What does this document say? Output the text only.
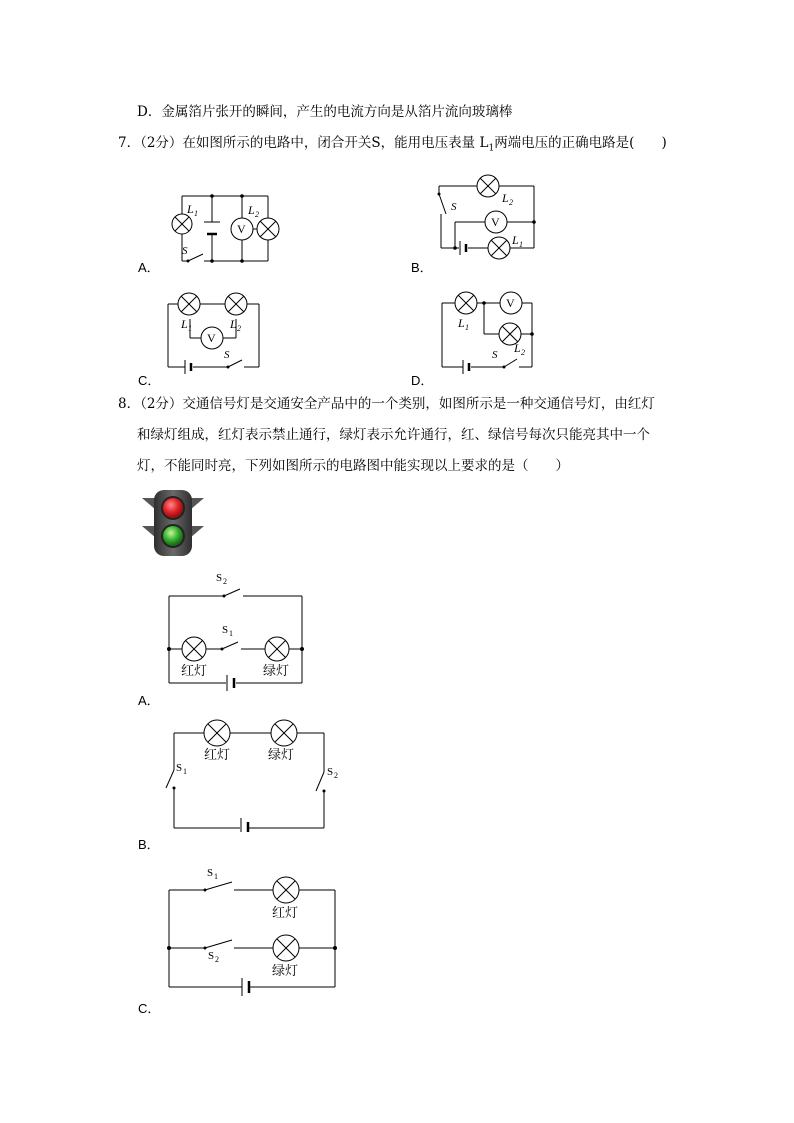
D．金属箔片张开的瞬间，产生的电流方向是从箔片流向玻璃棒
7．（2分）在如图所示的电路中，闭合开关S，能用电压表量 $L_1$两端电压的正确电路是(　　)
A．	B．
C．	D．
L 1	L 2
V
S
S
L 2
V
L 1
L 1	L 2
V
S
L 1
V
L 2
S
8．（2分）交通信号灯是交通安全产品中的一个类别，如图所示是一种交通信号灯，由红灯
和绿灯组成，红灯表示禁止通行，绿灯表示允许通行，红、绿信号每次只能亮其中一个
灯，不能同时亮，下列如图所示的电路图中能实现以上要求的是（　　）
A．
B．
C．
S 2
S 1
红灯	绿灯
S 1	S 2
红灯	绿灯
S 1
S 2
红灯
绿灯
